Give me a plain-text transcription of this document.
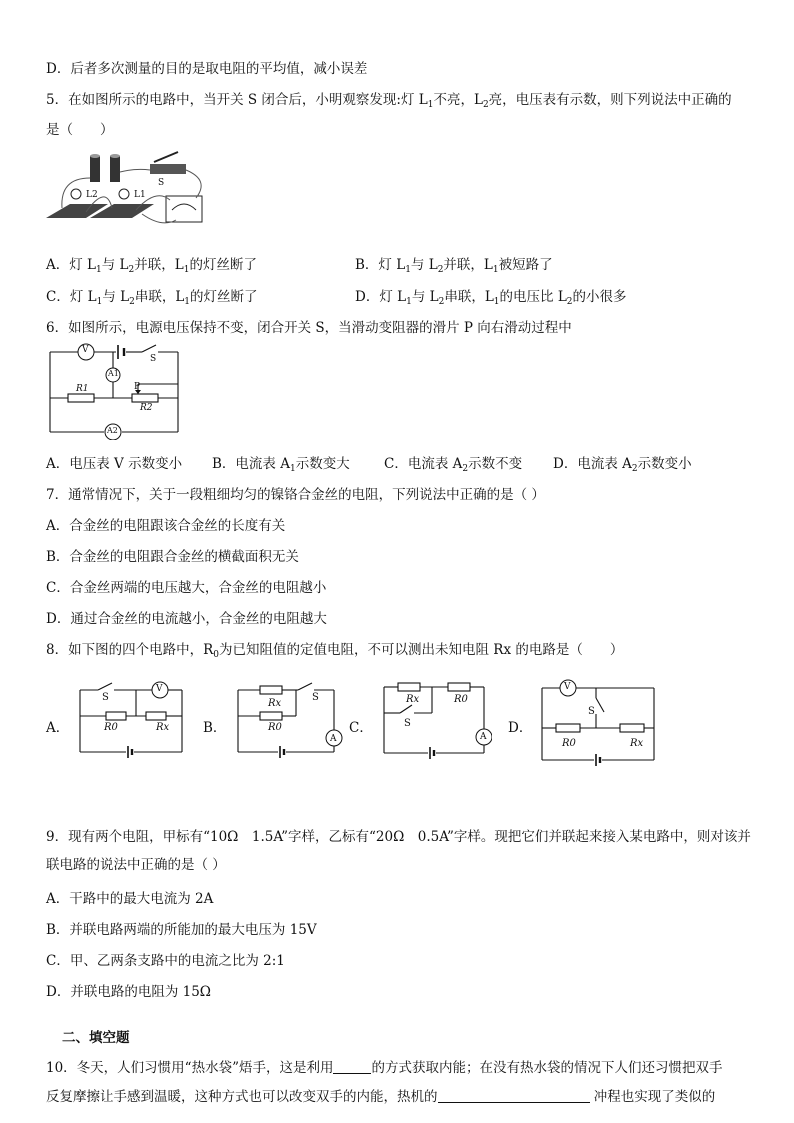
D．后者多次测量的目的是取电阻的平均值，减小误差
5．在如图所示的电路中，当开关 S 闭合后，小明观察发现:灯 $L_1$不亮，$L_2$亮，电压表有示数，则下列说法中正确的
是（　　）
L2	L1
S
A．灯 $L_1$与 $L_2$并联，$L_1$的灯丝断了	B．灯 $L_1$与 $L_2$并联，$L_1$被短路了
C．灯 $L_1$与 $L_2$串联，$L_1$的灯丝断了	D．灯 $L_1$与 $L_2$串联，$L_1$的电压比 $L_2$的小很多
6．如图所示，电源电压保持不变，闭合开关 S，当滑动变阻器的滑片 P 向右滑动过程中
V
S
A1
R1	P
R2
A2
A．电压表 V 示数变小 B．电流表 $A_1$示数变大	C．电流表 $A_2$示数不变 D．电流表 $A_2$示数变小
7．通常情况下，关于一段粗细均匀的镍铬合金丝的电阻，下列说法中正确的是（ ）
A．合金丝的电阻跟该合金丝的长度有关
B．合金丝的电阻跟合金丝的横截面积无关
C．合金丝两端的电压越大，合金丝的电阻越小
D．通过合金丝的电流越小，合金丝的电阻越大
8．如下图的四个电路中，$R_0$为已知阻值的定值电阻，不可以测出未知电阻 Rx 的电路是（　　）
A．	B．	C．	D．
S
V
R0	Rx
Rx
S
R0
A
Rx	R0
S
A
V
S
R0	Rx
9．现有两个电阻，甲标有“10Ω　1.5A”字样，乙标有“20Ω　0.5A”字样。现把它们并联起来接入某电路中，则对该并
联电路的说法中正确的是（ ）
A．干路中的最大电流为 2A
B．并联电路两端的所能加的最大电压为 15V
C．甲、乙两条支路中的电流之比为 2:1
D．并联电路的电阻为 15Ω
二、填空题
10．冬天，人们习惯用“热水袋”焐手，这是利用	的方式获取内能；在没有热水袋的情况下人们还习惯把双手
反复摩擦让手感到温暖，这种方式也可以改变双手的内能，热机的	冲程也实现了类似的
